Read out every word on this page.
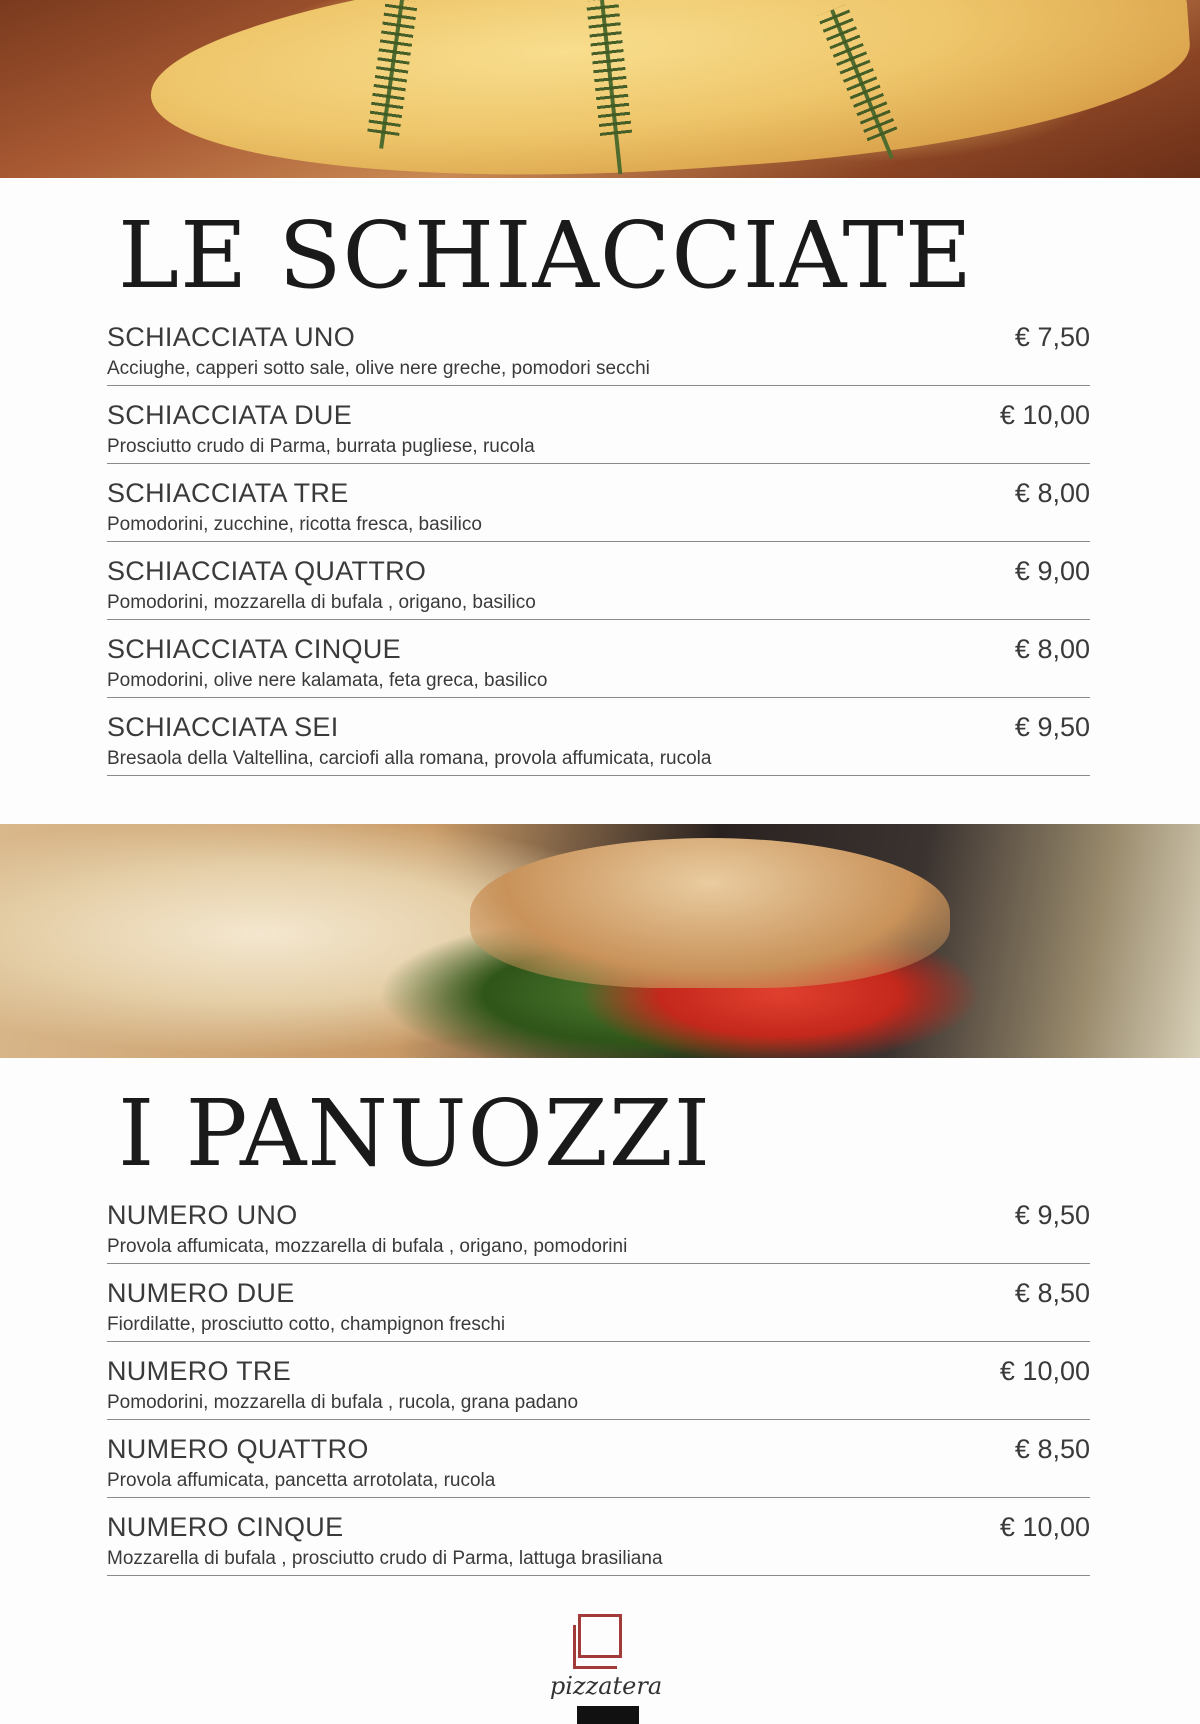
LE SCHIACCIATE
SCHIACCIATA UNO
Acciughe, capperi sotto sale, olive nere greche, pomodori secchi
€ 7,50
SCHIACCIATA DUE
Prosciutto crudo di Parma, burrata pugliese, rucola
€ 10,00
SCHIACCIATA TRE
Pomodorini, zucchine, ricotta fresca, basilico
€ 8,00
SCHIACCIATA QUATTRO
Pomodorini, mozzarella di bufala , origano, basilico
€ 9,00
SCHIACCIATA CINQUE
Pomodorini, olive nere kalamata, feta greca, basilico
€ 8,00
SCHIACCIATA SEI
Bresaola della Valtellina, carciofi alla romana, provola affumicata, rucola
€ 9,50
I PANUOZZI
NUMERO UNO
Provola affumicata, mozzarella di bufala , origano, pomodorini
€ 9,50
NUMERO DUE
Fiordilatte, prosciutto cotto, champignon freschi
€ 8,50
NUMERO TRE
Pomodorini, mozzarella di bufala , rucola, grana padano
€ 10,00
NUMERO QUATTRO
Provola affumicata, pancetta arrotolata, rucola
€ 8,50
NUMERO CINQUE
Mozzarella di bufala , prosciutto crudo di Parma, lattuga brasiliana
€ 10,00
pizzatera
